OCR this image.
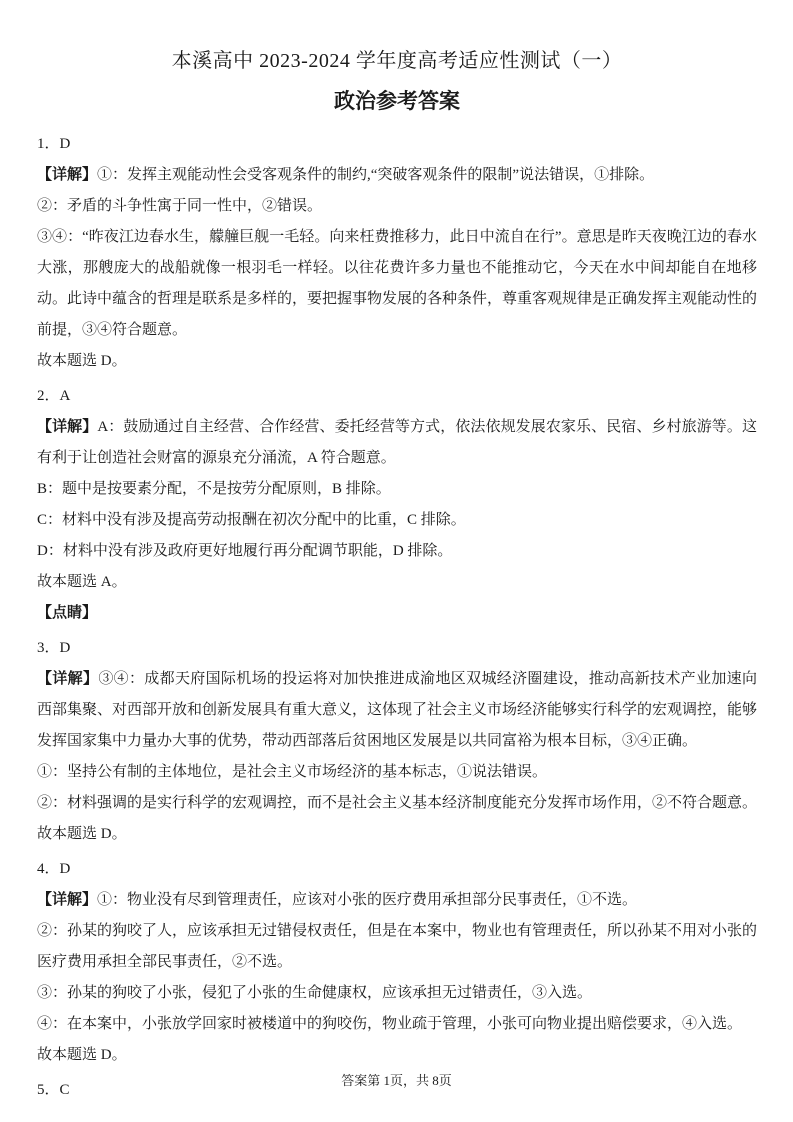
本溪高中 2023-2024 学年度高考适应性测试（一）
政治参考答案

1．D

【详解】①：发挥主观能动性会受客观条件的制约,“突破客观条件的限制”说法错误，①排除。

②：矛盾的斗争性寓于同一性中，②错误。

③④：“昨夜江边春水生，艨艟巨舰一毛轻。向来枉费推移力，此日中流自在行”。意思是昨天夜晚江边的春水大涨，那艘庞大的战船就像一根羽毛一样轻。以往花费许多力量也不能推动它，今天在水中间却能自在地移动。此诗中蕴含的哲理是联系是多样的，要把握事物发展的各种条件，尊重客观规律是正确发挥主观能动性的前提，③④符合题意。

故本题选 D。

2．A

【详解】A：鼓励通过自主经营、合作经营、委托经营等方式，依法依规发展农家乐、民宿、乡村旅游等。这有利于让创造社会财富的源泉充分涌流，A 符合题意。

B：题中是按要素分配，不是按劳分配原则，B 排除。

C：材料中没有涉及提高劳动报酬在初次分配中的比重，C 排除。

D：材料中没有涉及政府更好地履行再分配调节职能，D 排除。

故本题选 A。

【点睛】

3．D

【详解】③④：成都天府国际机场的投运将对加快推进成渝地区双城经济圈建设，推动高新技术产业加速向西部集聚、对西部开放和创新发展具有重大意义，这体现了社会主义市场经济能够实行科学的宏观调控，能够发挥国家集中力量办大事的优势，带动西部落后贫困地区发展是以共同富裕为根本目标，③④正确。

①：坚持公有制的主体地位，是社会主义市场经济的基本标志，①说法错误。

②：材料强调的是实行科学的宏观调控，而不是社会主义基本经济制度能充分发挥市场作用，②不符合题意。

故本题选 D。

4．D

【详解】①：物业没有尽到管理责任，应该对小张的医疗费用承担部分民事责任，①不选。

②：孙某的狗咬了人，应该承担无过错侵权责任，但是在本案中，物业也有管理责任，所以孙某不用对小张的医疗费用承担全部民事责任，②不选。

③：孙某的狗咬了小张，侵犯了小张的生命健康权，应该承担无过错责任，③入选。

④：在本案中，小张放学回家时被楼道中的狗咬伤，物业疏于管理，小张可向物业提出赔偿要求，④入选。

故本题选 D。

5．C

答案第 1页，共 8页
